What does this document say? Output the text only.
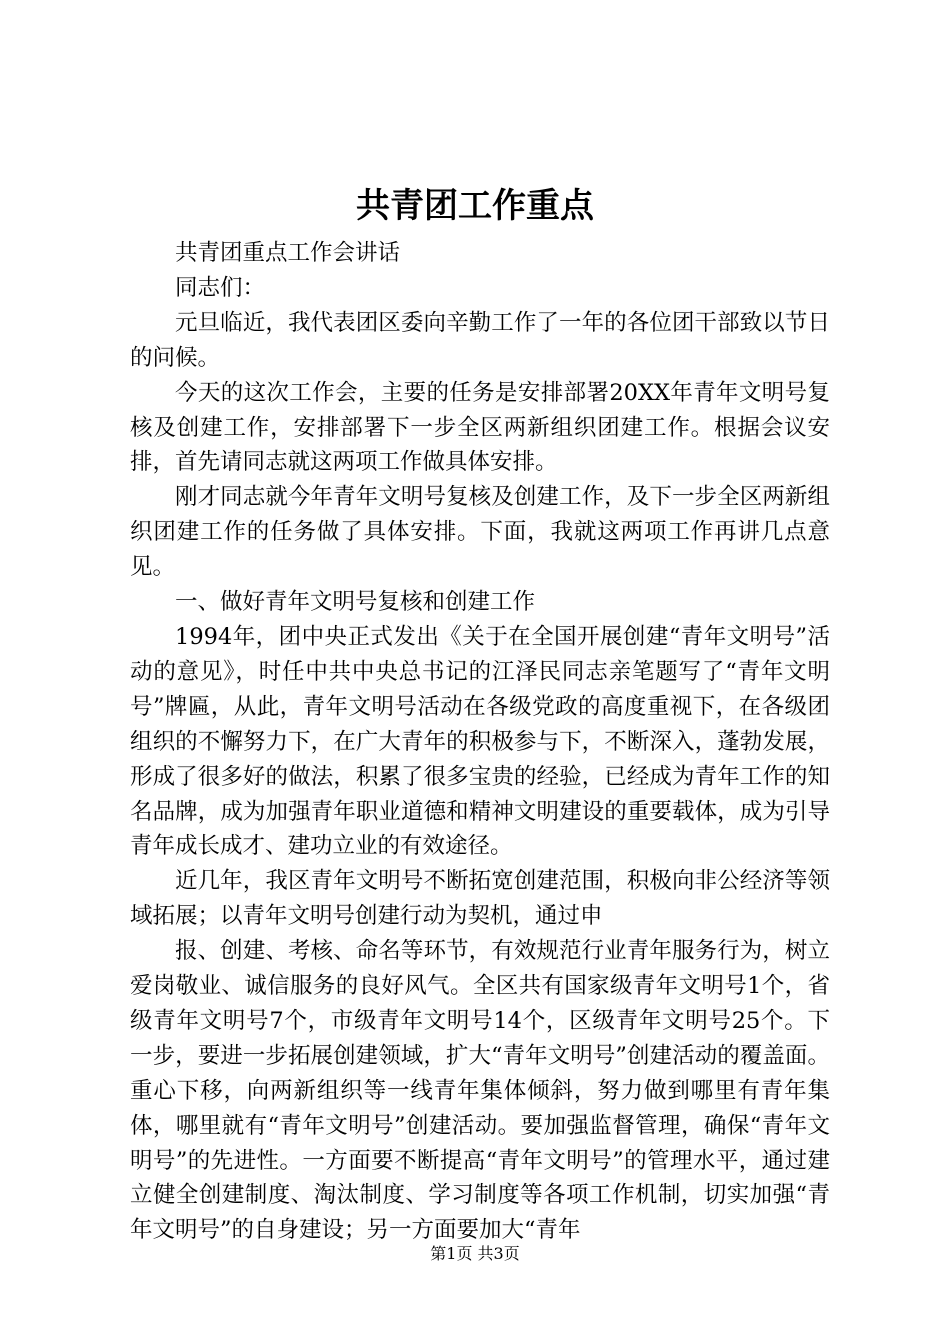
共青团工作重点

共青团重点工作会讲话

同志们：

元旦临近，我代表团区委向辛勤工作了一年的各位团干部致以节日的问候。

今天的这次工作会，主要的任务是安排部署20XX年青年文明号复核及创建工作，安排部署下一步全区两新组织团建工作。根据会议安排，首先请同志就这两项工作做具体安排。

刚才同志就今年青年文明号复核及创建工作，及下一步全区两新组织团建工作的任务做了具体安排。下面，我就这两项工作再讲几点意见。

一、做好青年文明号复核和创建工作

1994年，团中央正式发出《关于在全国开展创建“青年文明号”活动的意见》，时任中共中央总书记的江泽民同志亲笔题写了“青年文明号”牌匾，从此，青年文明号活动在各级党政的高度重视下，在各级团组织的不懈努力下，在广大青年的积极参与下，不断深入，蓬勃发展，形成了很多好的做法，积累了很多宝贵的经验，已经成为青年工作的知名品牌，成为加强青年职业道德和精神文明建设的重要载体，成为引导青年成长成才、建功立业的有效途径。

近几年，我区青年文明号不断拓宽创建范围，积极向非公经济等领域拓展；以青年文明号创建行动为契机，通过申

报、创建、考核、命名等环节，有效规范行业青年服务行为，树立爱岗敬业、诚信服务的良好风气。全区共有国家级青年文明号1个，省级青年文明号7个，市级青年文明号14个，区级青年文明号25个。下一步，要进一步拓展创建领域，扩大“青年文明号”创建活动的覆盖面。重心下移，向两新组织等一线青年集体倾斜，努力做到哪里有青年集体，哪里就有“青年文明号”创建活动。要加强监督管理，确保“青年文明号”的先进性。一方面要不断提高“青年文明号”的管理水平，通过建立健全创建制度、淘汰制度、学习制度等各项工作机制，切实加强“青年文明号”的自身建设；另一方面要加大“青年

第1页 共3页
